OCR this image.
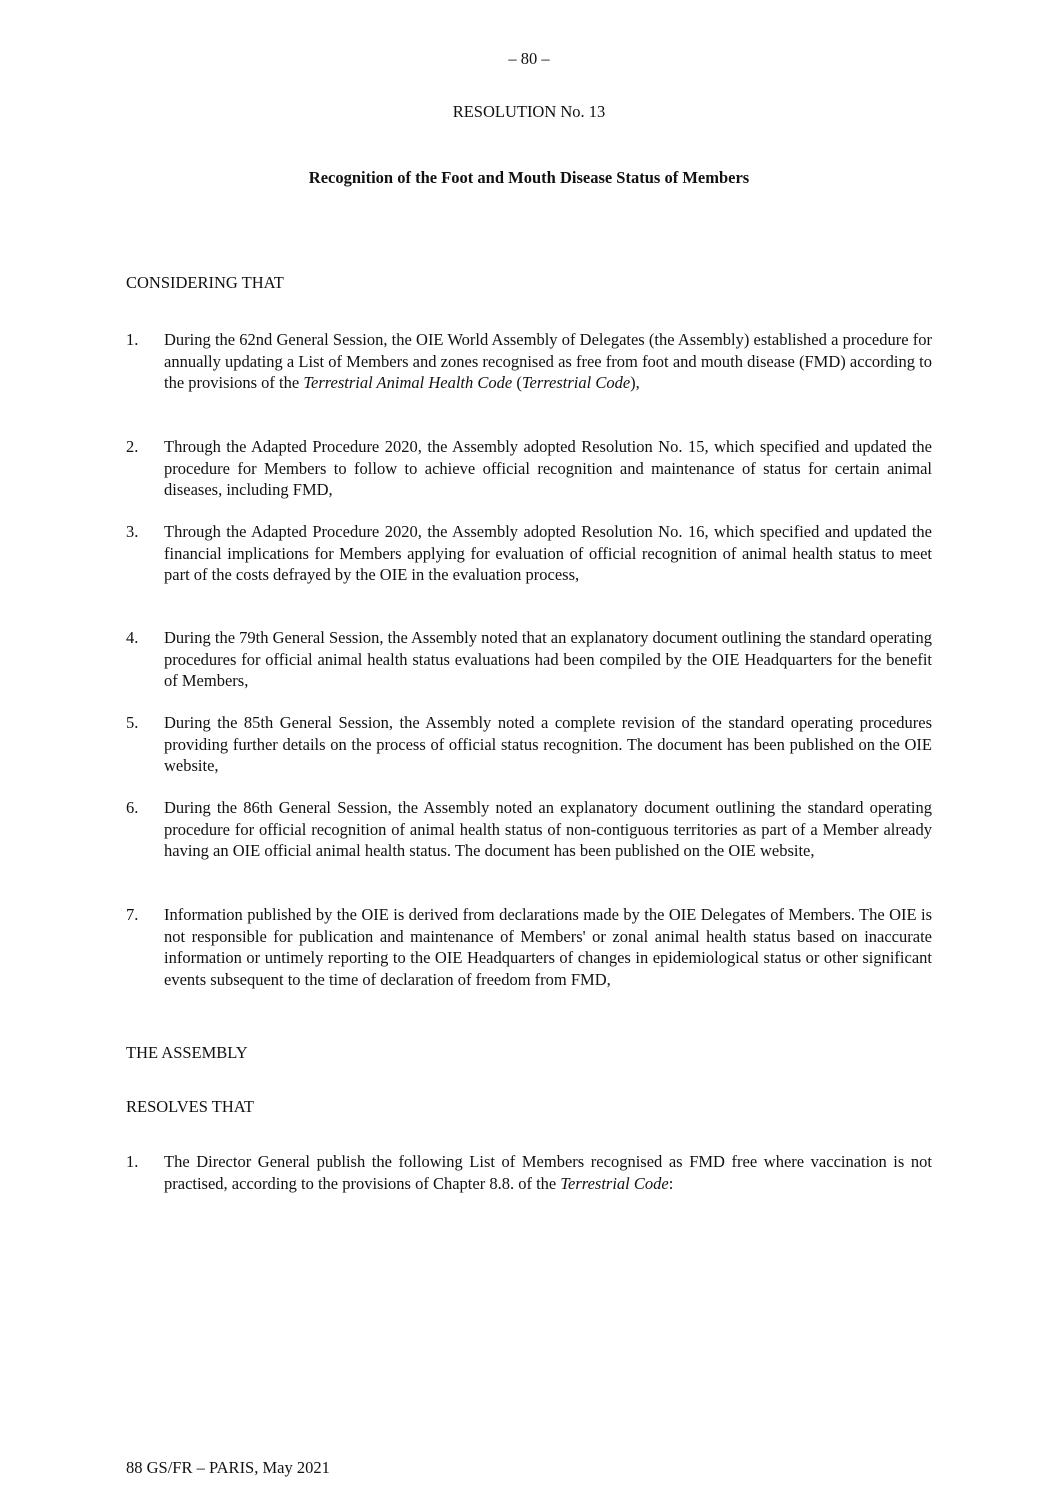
– 80 –
RESOLUTION No. 13
Recognition of the Foot and Mouth Disease Status of Members
CONSIDERING THAT
1.	During the 62nd General Session, the OIE World Assembly of Delegates (the Assembly) established a procedure for annually updating a List of Members and zones recognised as free from foot and mouth disease (FMD) according to the provisions of the Terrestrial Animal Health Code (Terrestrial Code),
2.	Through the Adapted Procedure 2020, the Assembly adopted Resolution No. 15, which specified and updated the procedure for Members to follow to achieve official recognition and maintenance of status for certain animal diseases, including FMD,
3.	Through the Adapted Procedure 2020, the Assembly adopted Resolution No. 16, which specified and updated the financial implications for Members applying for evaluation of official recognition of animal health status to meet part of the costs defrayed by the OIE in the evaluation process,
4.	During the 79th General Session, the Assembly noted that an explanatory document outlining the standard operating procedures for official animal health status evaluations had been compiled by the OIE Headquarters for the benefit of Members,
5.	During the 85th General Session, the Assembly noted a complete revision of the standard operating procedures providing further details on the process of official status recognition. The document has been published on the OIE website,
6.	During the 86th General Session, the Assembly noted an explanatory document outlining the standard operating procedure for official recognition of animal health status of non-contiguous territories as part of a Member already having an OIE official animal health status. The document has been published on the OIE website,
7.	Information published by the OIE is derived from declarations made by the OIE Delegates of Members. The OIE is not responsible for publication and maintenance of Members' or zonal animal health status based on inaccurate information or untimely reporting to the OIE Headquarters of changes in epidemiological status or other significant events subsequent to the time of declaration of freedom from FMD,
THE ASSEMBLY
RESOLVES THAT
1.	The Director General publish the following List of Members recognised as FMD free where vaccination is not practised, according to the provisions of Chapter 8.8. of the Terrestrial Code:
88 GS/FR – PARIS, May 2021
